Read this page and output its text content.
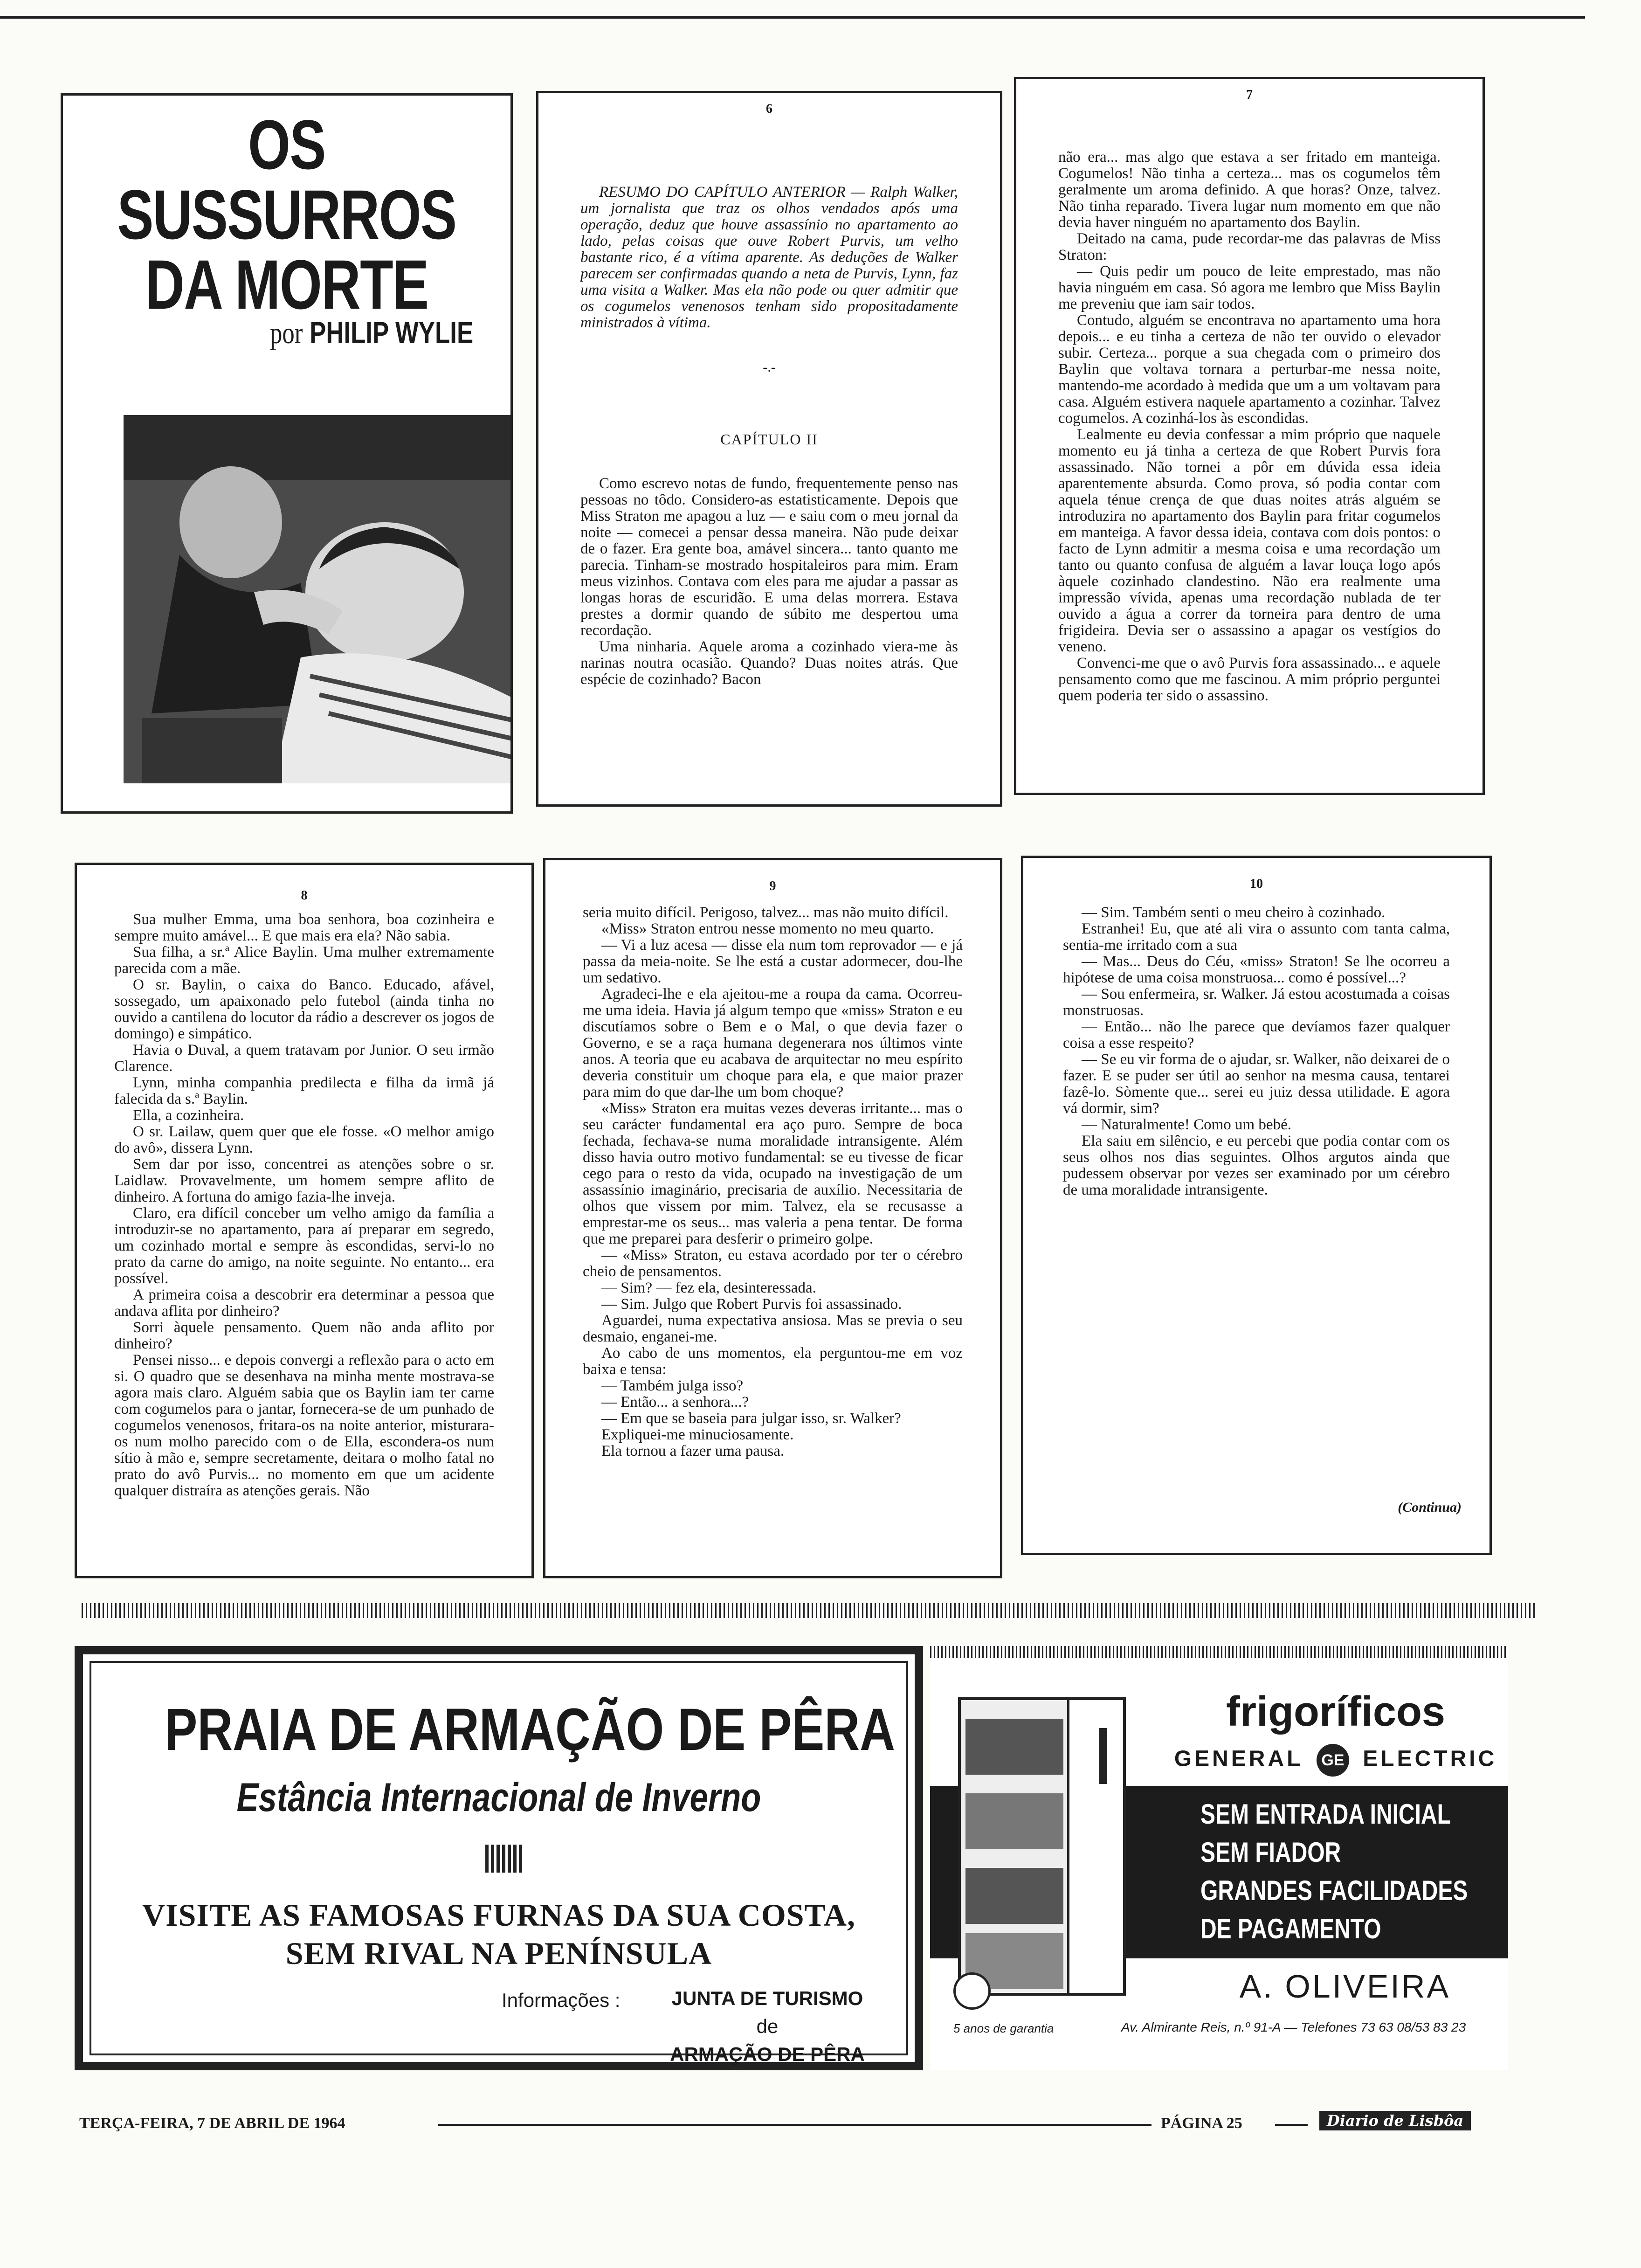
OS SUSSURROS
DA MORTE
por PHILIP WYLIE
6

RESUMO DO CAPÍTULO ANTERIOR — Ralph Walker, um jornalista que traz os olhos vendados após uma operação, deduz que houve assassínio no apartamento ao lado, pelas coisas que ouve Robert Purvis, um velho bastante rico, é a vítima aparente. As deduções de Walker parecem ser confirmadas quando a neta de Purvis, Lynn, faz uma visita a Walker. Mas ela não pode ou quer admitir que os cogumelos venenosos tenham sido propositadamente ministrados à vítima.

-.-

CAPÍTULO II

Como escrevo notas de fundo, frequentemente penso nas pessoas no tôdo. Considero-as estatisticamente. Depois que Miss Straton me apagou a luz — e saiu com o meu jornal da noite — comecei a pensar dessa maneira. Não pude deixar de o fazer. Era gente boa, amável sincera... tanto quanto me parecia. Tinham-se mostrado hospitaleiros para mim. Eram meus vizinhos. Contava com eles para me ajudar a passar as longas horas de escuridão. E uma delas morrera. Estava prestes a dormir quando de súbito me despertou uma recordação.

Uma ninharia. Aquele aroma a cozinhado viera-me às narinas noutra ocasião. Quando? Duas noites atrás. Que espécie de cozinhado? Bacon

7

não era... mas algo que estava a ser fritado em manteiga. Cogumelos! Não tinha a certeza... mas os cogumelos têm geralmente um aroma definido. A que horas? Onze, talvez. Não tinha reparado. Tivera lugar num momento em que não devia haver ninguém no apartamento dos Baylin.

Deitado na cama, pude recordar-me das palavras de Miss Straton:

— Quis pedir um pouco de leite emprestado, mas não havia ninguém em casa. Só agora me lembro que Miss Baylin me preveniu que iam sair todos.

Contudo, alguém se encontrava no apartamento uma hora depois... e eu tinha a certeza de não ter ouvido o elevador subir. Certeza... porque a sua chegada com o primeiro dos Baylin que voltava tornara a perturbar-me nessa noite, mantendo-me acordado à medida que um a um voltavam para casa. Alguém estivera naquele apartamento a cozinhar. Talvez cogumelos. A cozinhá-los às escondidas.

Lealmente eu devia confessar a mim próprio que naquele momento eu já tinha a certeza de que Robert Purvis fora assassinado. Não tornei a pôr em dúvida essa ideia aparentemente absurda. Como prova, só podia contar com aquela ténue crença de que duas noites atrás alguém se introduzira no apartamento dos Baylin para fritar cogumelos em manteiga. A favor dessa ideia, contava com dois pontos: o facto de Lynn admitir a mesma coisa e uma recordação um tanto ou quanto confusa de alguém a lavar louça logo após àquele cozinhado clandestino. Não era realmente uma impressão vívida, apenas uma recordação nublada de ter ouvido a água a correr da torneira para dentro de uma frigideira. Devia ser o assassino a apagar os vestígios do veneno.

Convenci-me que o avô Purvis fora assassinado... e aquele pensamento como que me fascinou. A mim próprio perguntei quem poderia ter sido o assassino.

8

Sua mulher Emma, uma boa senhora, boa cozinheira e sempre muito amável... E que mais era ela? Não sabia.

Sua filha, a sr.ª Alice Baylin. Uma mulher extremamente parecida com a mãe.

O sr. Baylin, o caixa do Banco. Educado, afável, sossegado, um apaixonado pelo futebol (ainda tinha no ouvido a cantilena do locutor da rádio a descrever os jogos de domingo) e simpático.

Havia o Duval, a quem tratavam por Junior. O seu irmão Clarence.

Lynn, minha companhia predilecta e filha da irmã já falecida da s.ª Baylin.

Ella, a cozinheira.

O sr. Lailaw, quem quer que ele fosse. «O melhor amigo do avô», dissera Lynn.

Sem dar por isso, concentrei as atenções sobre o sr. Laidlaw. Provavelmente, um homem sempre aflito de dinheiro. A fortuna do amigo fazia-lhe inveja.

Claro, era difícil conceber um velho amigo da família a introduzir-se no apartamento, para aí preparar em segredo, um cozinhado mortal e sempre às escondidas, servi-lo no prato da carne do amigo, na noite seguinte. No entanto... era possível.

A primeira coisa a descobrir era determinar a pessoa que andava aflita por dinheiro?

Sorri àquele pensamento. Quem não anda aflito por dinheiro?

Pensei nisso... e depois convergi a reflexão para o acto em si. O quadro que se desenhava na minha mente mostrava-se agora mais claro. Alguém sabia que os Baylin iam ter carne com cogumelos para o jantar, fornecera-se de um punhado de cogumelos venenosos, fritara-os na noite anterior, misturara-os num molho parecido com o de Ella, escondera-os num sítio à mão e, sempre secretamente, deitara o molho fatal no prato do avô Purvis... no momento em que um acidente qualquer distraíra as atenções gerais. Não

9

seria muito difícil. Perigoso, talvez... mas não muito difícil.

«Miss» Straton entrou nesse momento no meu quarto.

— Vi a luz acesa — disse ela num tom reprovador — e já passa da meia-noite. Se lhe está a custar adormecer, dou-lhe um sedativo.

Agradeci-lhe e ela ajeitou-me a roupa da cama. Ocorreu-me uma ideia. Havia já algum tempo que «miss» Straton e eu discutíamos sobre o Bem e o Mal, o que devia fazer o Governo, e se a raça humana degenerara nos últimos vinte anos. A teoria que eu acabava de arquitectar no meu espírito deveria constituir um choque para ela, e que maior prazer para mim do que dar-lhe um bom choque?

«Miss» Straton era muitas vezes deveras irritante... mas o seu carácter fundamental era aço puro. Sempre de boca fechada, fechava-se numa moralidade intransigente. Além disso havia outro motivo fundamental: se eu tivesse de ficar cego para o resto da vida, ocupado na investigação de um assassínio imaginário, precisaria de auxílio. Necessitaria de olhos que vissem por mim. Talvez, ela se recusasse a emprestar-me os seus... mas valeria a pena tentar. De forma que me preparei para desferir o primeiro golpe.

— «Miss» Straton, eu estava acordado por ter o cérebro cheio de pensamentos.

— Sim? — fez ela, desinteressada.

— Sim. Julgo que Robert Purvis foi assassinado.

Aguardei, numa expectativa ansiosa. Mas se previa o seu desmaio, enganei-me.

Ao cabo de uns momentos, ela perguntou-me em voz baixa e tensa:

— Também julga isso?

— Então... a senhora...?

— Em que se baseia para julgar isso, sr. Walker?

Expliquei-me minuciosamente.

Ela tornou a fazer uma pausa.

10

— Sim. Também senti o meu cheiro à cozinhado.

Estranhei! Eu, que até ali vira o assunto com tanta calma, sentia-me irritado com a sua

— Mas... Deus do Céu, «miss» Straton! Se lhe ocorreu a hipótese de uma coisa monstruosa... como é possível...?

— Sou enfermeira, sr. Walker. Já estou acostumada a coisas monstruosas.

— Então... não lhe parece que devíamos fazer qualquer coisa a esse respeito?

— Se eu vir forma de o ajudar, sr. Walker, não deixarei de o fazer. E se puder ser útil ao senhor na mesma causa, tentarei fazê-lo. Sòmente que... serei eu juiz dessa utilidade. E agora vá dormir, sim?

— Naturalmente! Como um bebé.

Ela saiu em silêncio, e eu percebi que podia contar com os seus olhos nos dias seguintes. Olhos argutos ainda que pudessem observar por vezes ser examinado por um cérebro de uma moralidade intransigente.

(Continua)
PRAIA DE ARMAÇÃO DE PÊRA
Estância Internacional de Inverno
VISITE AS FAMOSAS FURNAS DA SUA COSTA,
SEM RIVAL NA PENÍNSULA
Informações :	JUNTA DE TURISMO
de
ARMAÇÃO DE PÊRA
SEM ENTRADA INICIAL
SEM FIADOR
GRANDES FACILIDADES
DE PAGAMENTO
frigoríficos
GENERAL GE ELECTRIC
A. OLIVEIRA
5 anos de garantia	Av. Almirante Reis, n.º 91-A — Telefones 73 63 08/53 83 23
TERÇA-FEIRA, 7 DE ABRIL DE 1964	PÁGINA 25	Diario de Lisbôa
